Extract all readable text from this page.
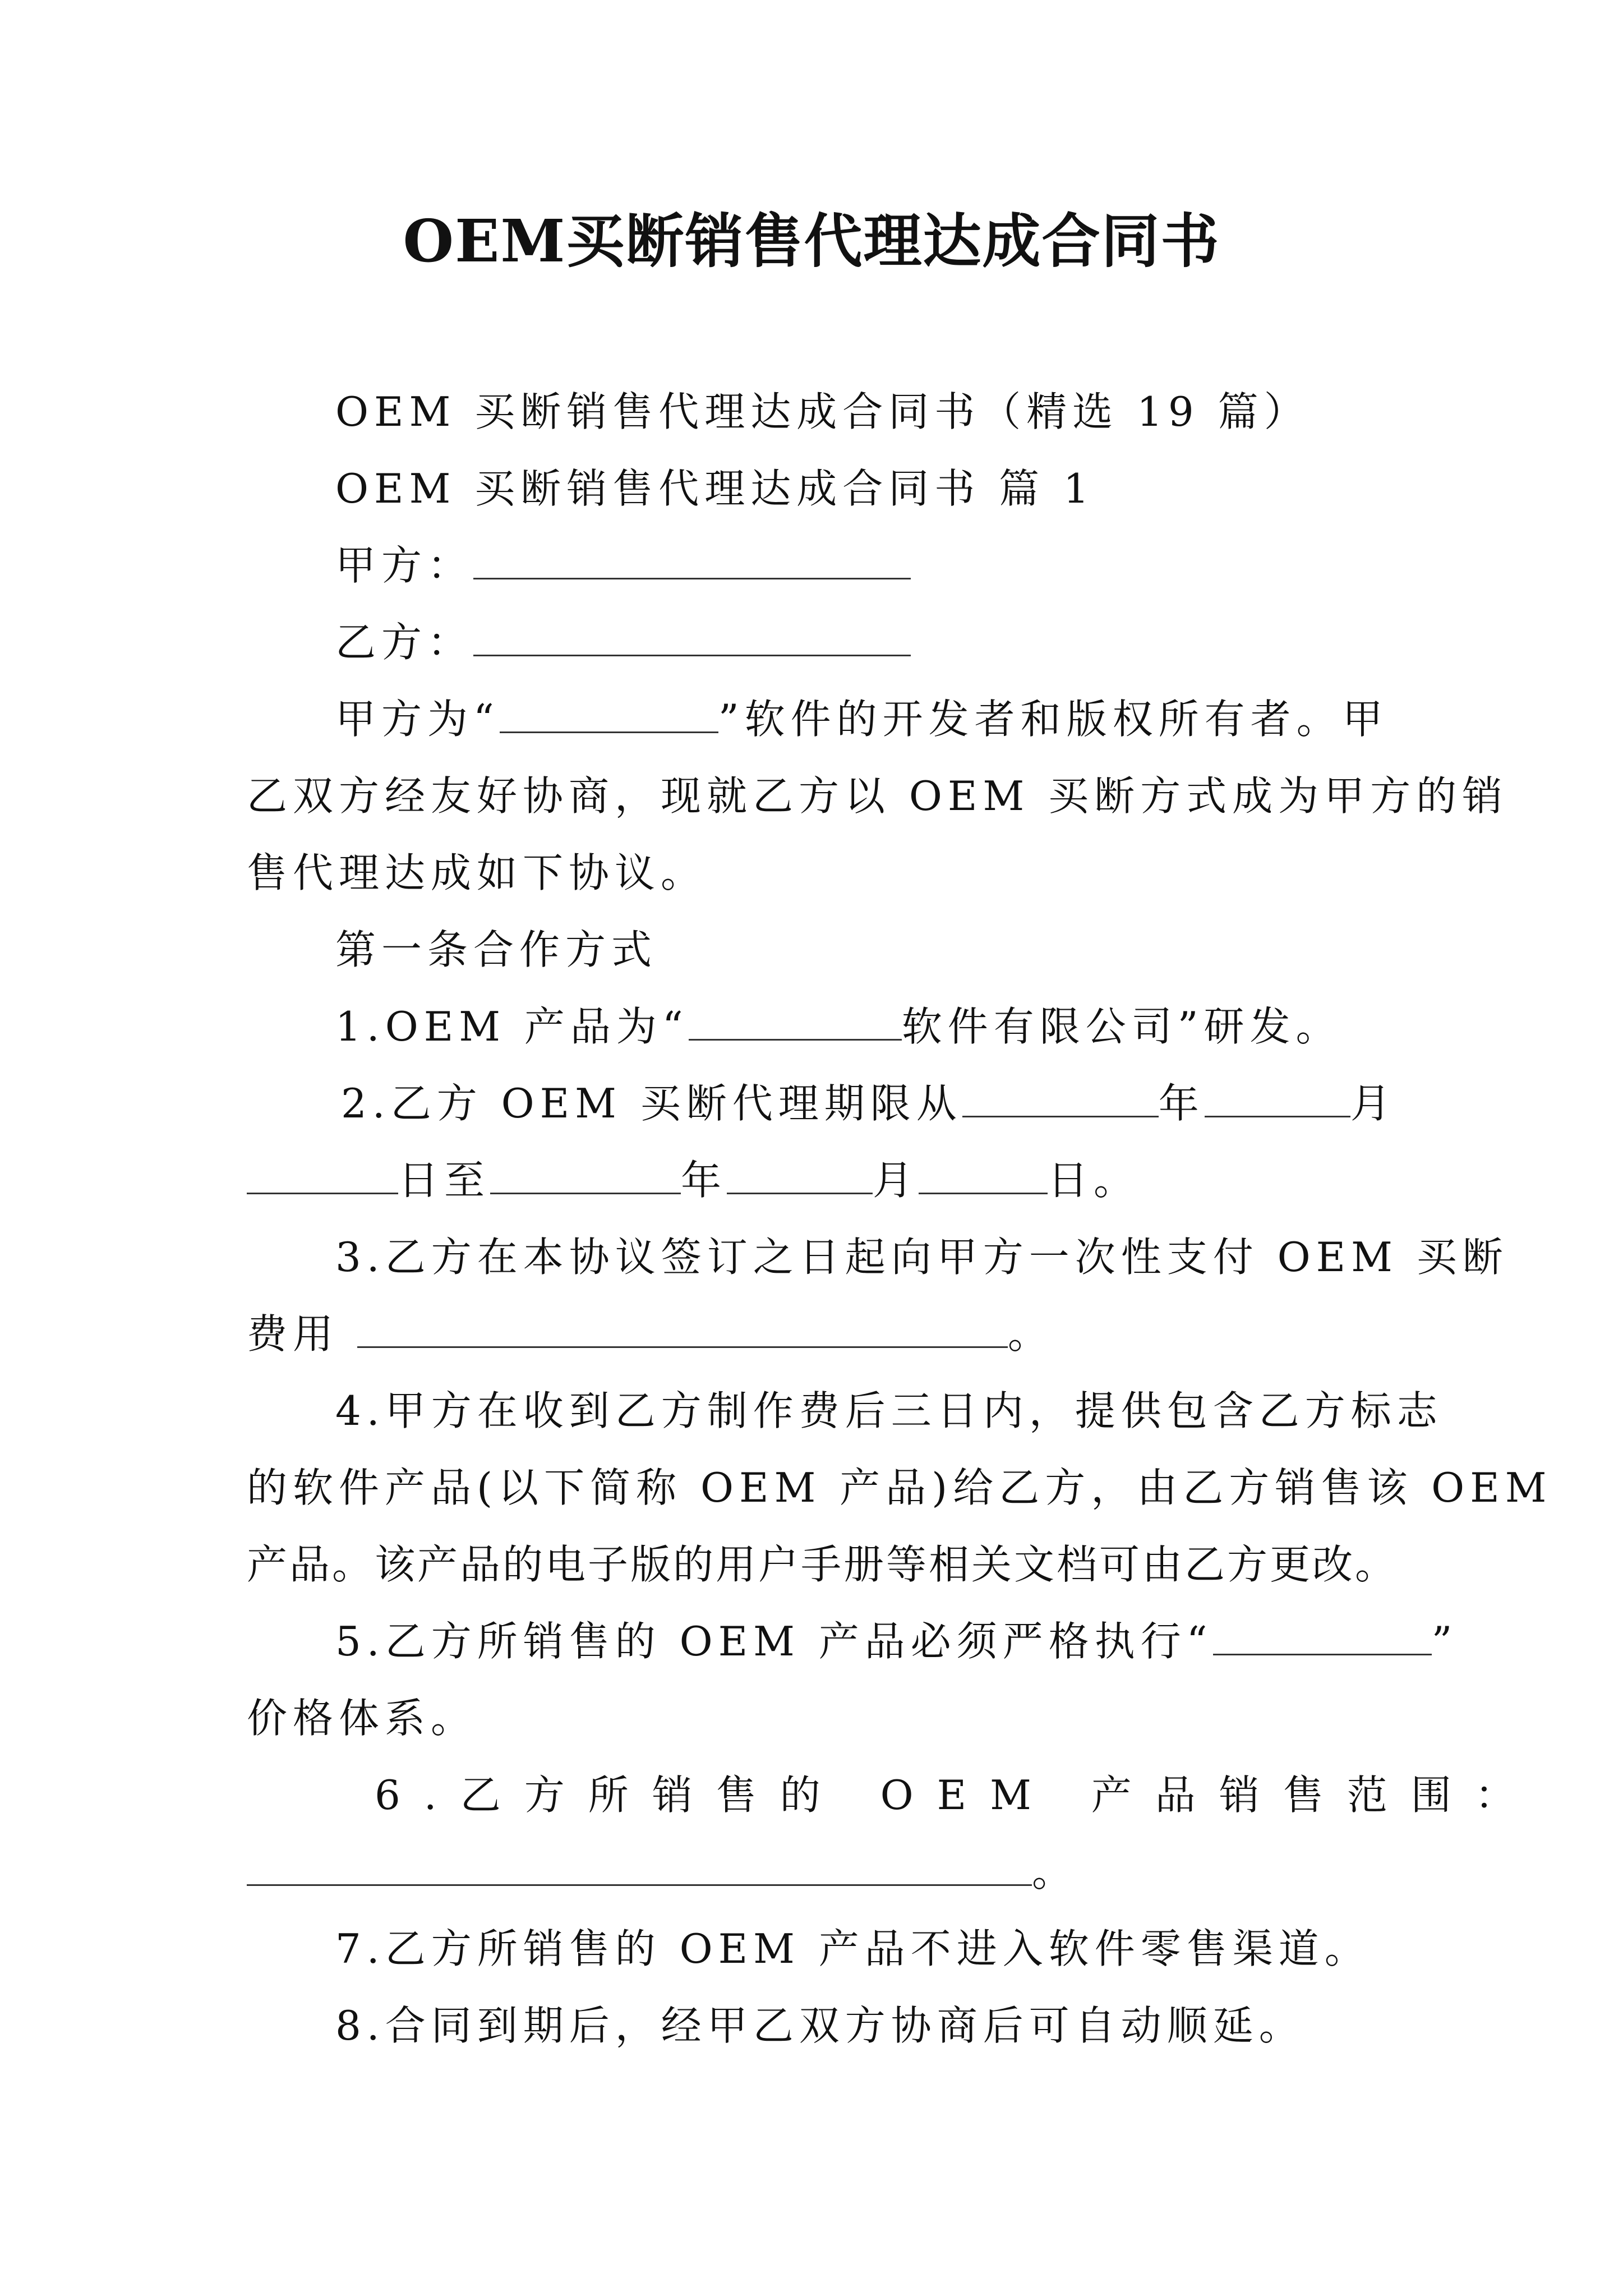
OEM买断销售代理达成合同书
OEM 买断销售代理达成合同书（精选 19 篇）
OEM 买断销售代理达成合同书 篇 1
甲方：
乙方：
甲方为“	”软件的开发者和版权所有者。甲
乙双方经友好协商，现就乙方以 OEM 买断方式成为甲方的销
售代理达成如下协议。
第一条合作方式
1.OEM 产品为“	软件有限公司”研发。
2.乙方 OEM 买断代理期限从	年	月
日至	年	月	日。
3.乙方在本协议签订之日起向甲方一次性支付 OEM 买断
费用	。
4.甲方在收到乙方制作费后三日内，提供包含乙方标志
的软件产品(以下简称 OEM 产品)给乙方，由乙方销售该 OEM
产品。该产品的电子版的用户手册等相关文档可由乙方更改。
5.乙方所销售的 OEM 产品必须严格执行“	”
价格体系。
6.乙方所销售的 OEM 产品销售范围：
。
7.乙方所销售的 OEM 产品不进入软件零售渠道。
8.合同到期后，经甲乙双方协商后可自动顺延。
